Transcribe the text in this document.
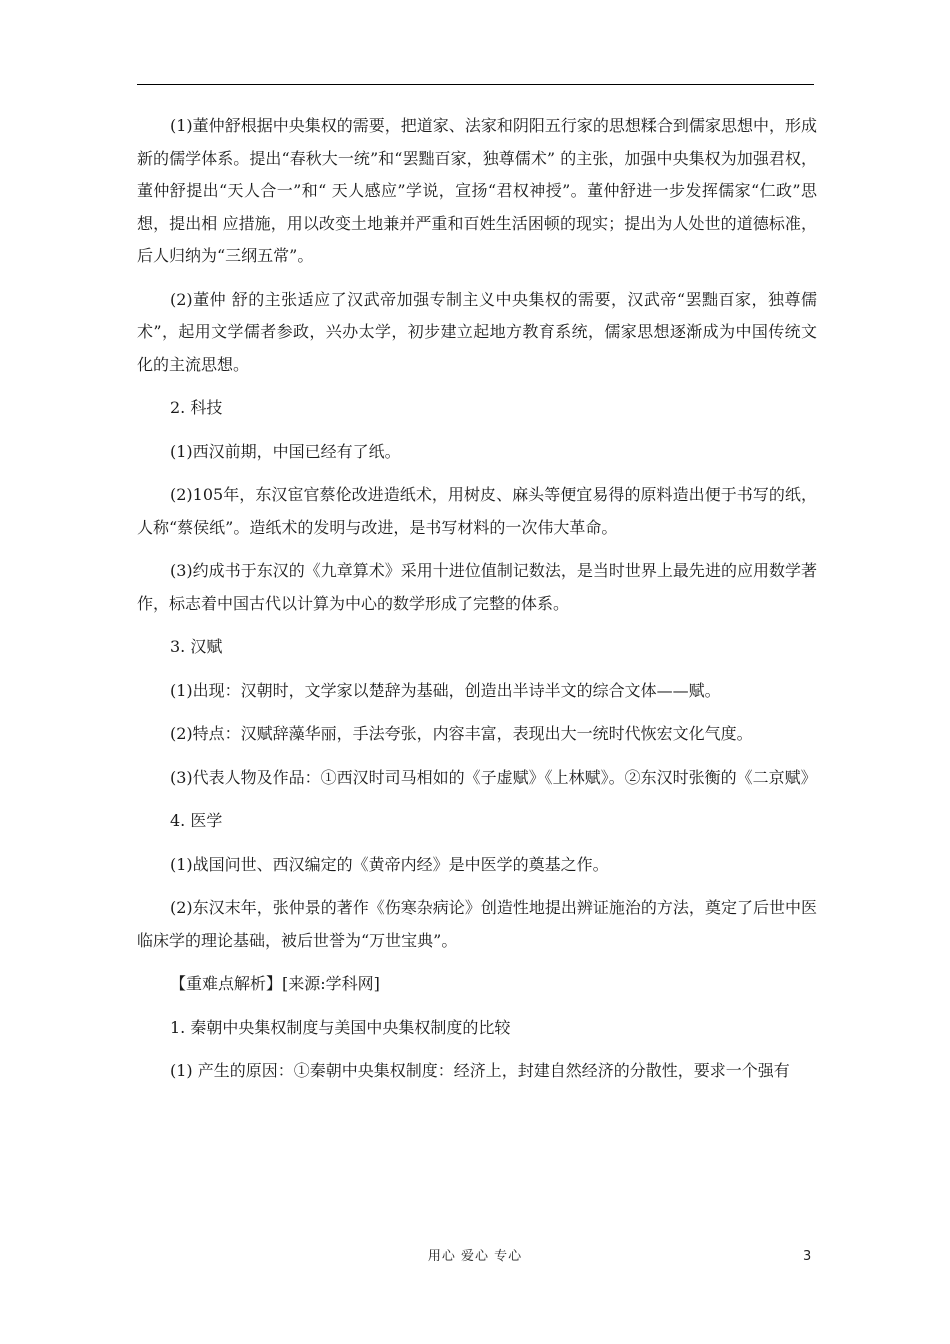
(1)董仲舒根据中央集权的需要，把道家、法家和阴阳五行家的思想糅合到儒家思想中，形成新的儒学体系。提出“春秋大一统”和“罢黜百家，独尊儒术” 的主张，加强中央集权为加强君权，董仲舒提出“天人合一”和“ 天人感应”学说，宣扬“君权神授”。董仲舒进一步发挥儒家“仁政”思想，提出相 应措施，用以改变土地兼并严重和百姓生活困顿的现实；提出为人处世的道德标准，后人归纳为“三纲五常”。

(2)董仲 舒的主张适应了汉武帝加强专制主义中央集权的需要，汉武帝“罢黜百家，独尊儒术”，起用文学儒者参政，兴办太学，初步建立起地方教育系统，儒家思想逐渐成为中国传统文化的主流思想。

2. 科技

(1)西汉前期，中国已经有了纸。

(2)105年，东汉宦官蔡伦改进造纸术，用树皮、麻头等便宜易得的原料造出便于书写的纸，人称“蔡侯纸”。造纸术的发明与改进，是书写材料的一次伟大革命。

(3)约成书于东汉的《九章算术》采用十进位值制记数法，是当时世界上最先进的应用数学著作，标志着中国古代以计算为中心的数学形成了完整的体系。

3. 汉赋

(1)出现：汉朝时，文学家以楚辞为基础，创造出半诗半文的综合文体——赋。

(2)特点：汉赋辞藻华丽，手法夸张，内容丰富，表现出大一统时代恢宏文化气度。

(3)代表人物及作品：①西汉时司马相如的《子虚赋》《上林赋》。②东汉时张衡的《二京赋》

4. 医学

(1)战国问世、西汉编定的《黄帝内经》是中医学的奠基之作。

(2)东汉末年，张仲景的著作《伤寒杂病论》创造性地提出辨证施治的方法，奠定了后世中医临床学的理论基础，被后世誉为“万世宝典”。

【重难点解析】[来源:学科网]

1. 秦朝中央集权制度与美国中央集权制度的比较

(1) 产生的原因：①秦朝中央集权制度：经济上，封建自然经济的分散性，要求一个强有

用心 爱心 专心	3
